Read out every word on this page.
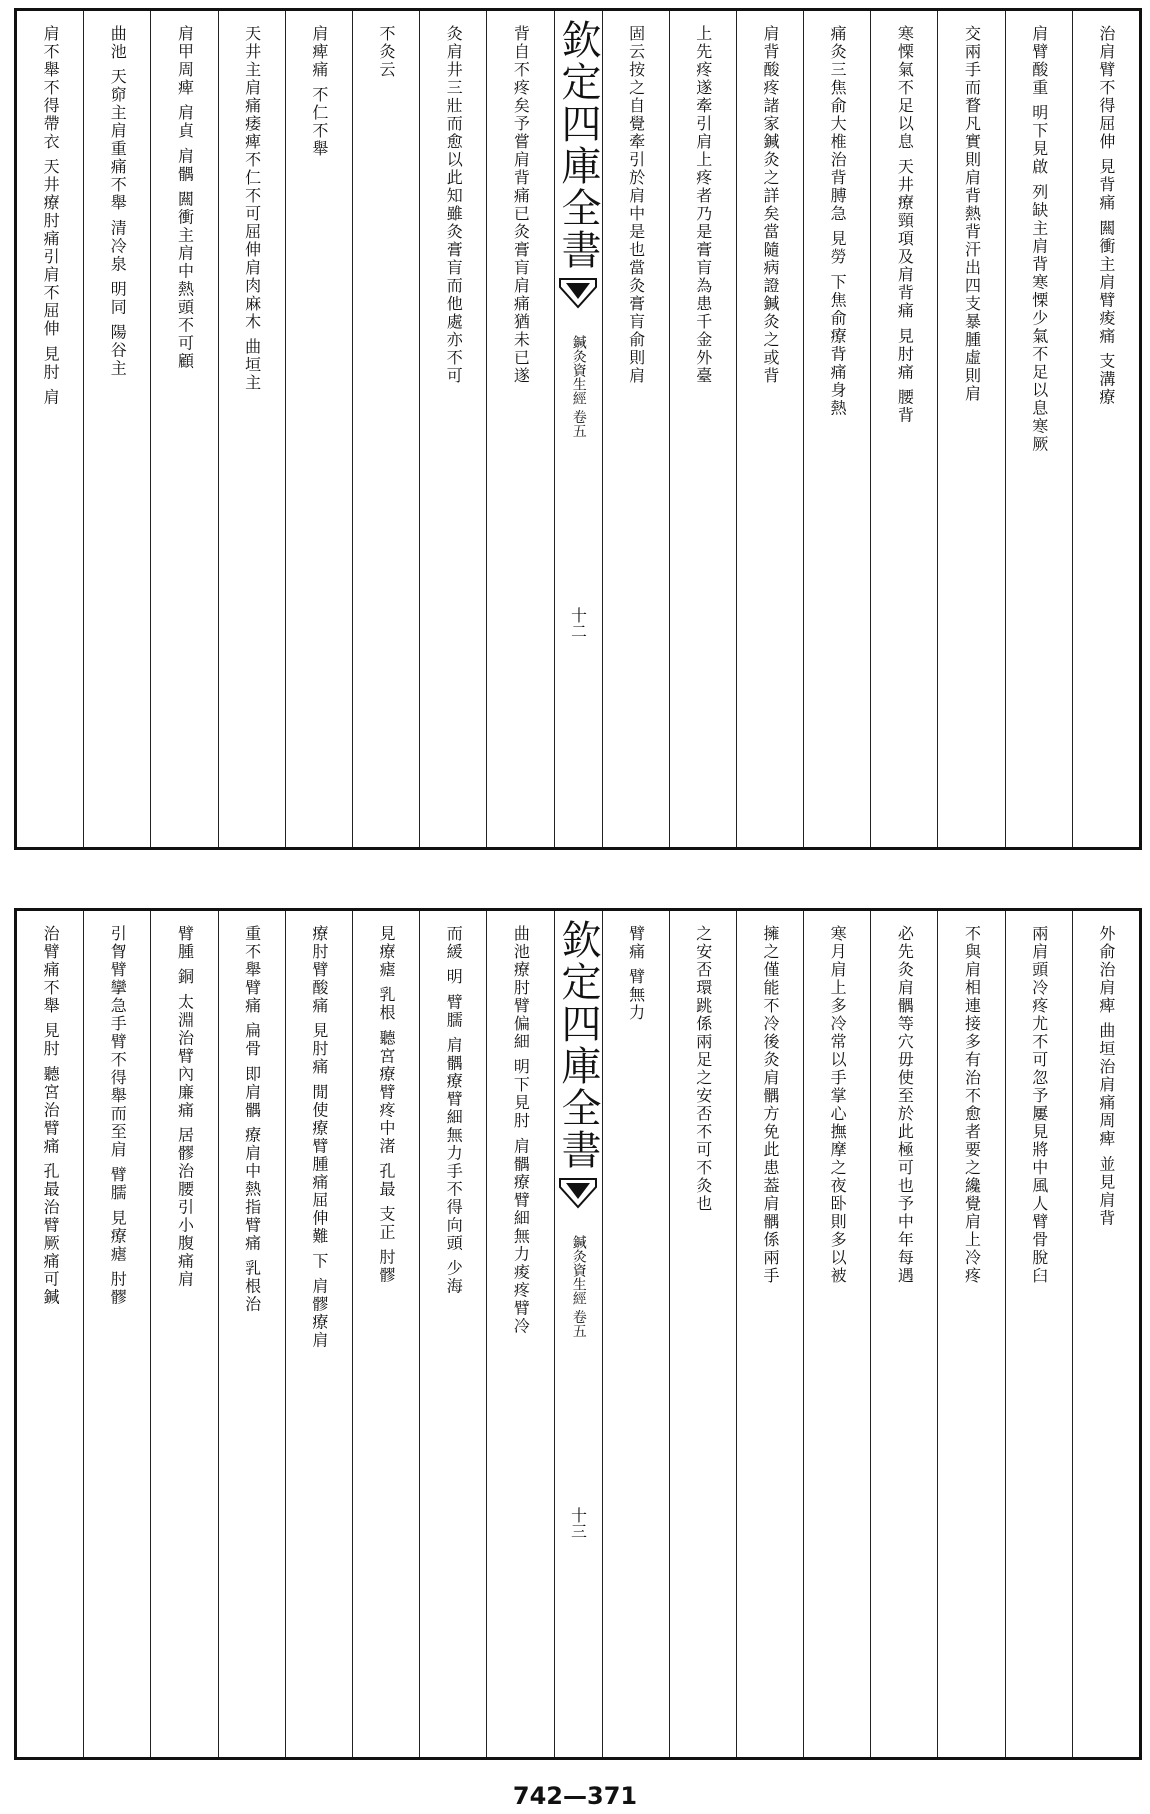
治肩臂不得屈伸 見背痛 闗衝主肩臂痠痛 支溝療
肩臂酸重 明下見啟 列缺主肩背寒慄少氣不足以息寒厥
交兩手而瞀凡實則肩背熱背汗出四支暴腫虛則肩
寒慄氣不足以息 天井療頸項及肩背痛 見肘痛 腰背
痛灸三焦俞大椎治背膊急 見勞 下焦俞療背痛身熱
肩背酸疼諸家鍼灸之詳矣當隨病證鍼灸之或背
上先疼遂牽引肩上疼者乃是膏肓為患千金外臺
固云按之自覺牽引於肩中是也當灸膏肓俞則肩
欽定四庫全書
鍼灸資生經 卷五
十二
背自不疼矣予嘗肩背痛已灸膏肓肩痛猶未已遂
灸肩井三壯而愈以此知雖灸膏肓而他處亦不可
不灸云
肩痺痛 不仁不舉
天井主肩痛痿痺不仁不可屈伸肩肉麻木 曲垣主
肩甲周痺 肩貞 肩髃 闗衝主肩中熱頭不可顧
曲池 天窌主肩重痛不舉 清冷泉 明同 陽谷主
肩不舉不得帶衣 天井療肘痛引肩不屈伸 見肘 肩
外俞治肩痺 曲垣治肩痛周痺 並見肩背
兩肩頭冷疼尤不可忽予屢見將中風人臂骨脫臼
不與肩相連接多有治不愈者要之纔覺肩上冷疼
必先灸肩髃等穴毋使至於此極可也予中年每遇
寒月肩上多冷常以手掌心撫摩之夜卧則多以被
擁之僅能不冷後灸肩髃方免此患葢肩髃係兩手
之安否環跳係兩足之安否不可不灸也
臂痛 臂無力
欽定四庫全書
鍼灸資生經 卷五
十三
曲池療肘臂偏細 明下見肘 肩髃療臂細無力痠疼臂冷
而緩 明 臂臑 肩髃療臂細無力手不得向頭 少海
見療瘧 乳根 聽宮療臂疼中渚 孔最 支正 肘髎
療肘臂酸痛 見肘痛 閒使療臂腫痛屈伸難 下 肩髎療肩
重不舉臂痛 扁骨 即肩髃 療肩中熱指臂痛 乳根治
臂腫 銅 太淵治臂內廉痛 居髎治腰引小腹痛肩
引胷臂攣急手臂不得舉而至肩 臂臑 見療瘧 肘髎
治臂痛不舉 見肘 聽宮治臂痛 孔最治臂厥痛可鍼
742—371
